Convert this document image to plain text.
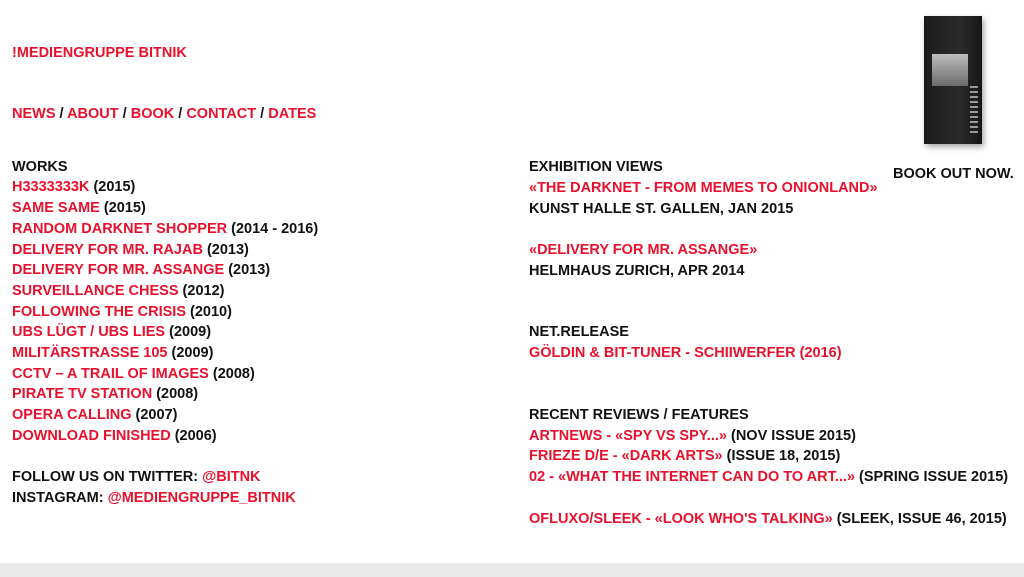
!MEDIENGRUPPE BITNIK
NEWS / ABOUT / BOOK / CONTACT / DATES
WORKS
H3333333K (2015)
SAME SAME (2015)
RANDOM DARKNET SHOPPER (2014 - 2016)
DELIVERY FOR MR. RAJAB (2013)
DELIVERY FOR MR. ASSANGE (2013)
SURVEILLANCE CHESS (2012)
FOLLOWING THE CRISIS (2010)
UBS LÜGT / UBS LIES (2009)
MILITÄRSTRASSE 105 (2009)
CCTV – A TRAIL OF IMAGES (2008)
PIRATE TV STATION (2008)
OPERA CALLING (2007)
DOWNLOAD FINISHED (2006)
FOLLOW US ON TWITTER: @BITNK
INSTAGRAM: @MEDIENGRUPPE_BITNIK
EXHIBITION VIEWS
«THE DARKNET - FROM MEMES TO ONIONLAND»
KUNST HALLE ST. GALLEN, JAN 2015
«DELIVERY FOR MR. ASSANGE»
HELMHAUS ZURICH, APR 2014
NET.RELEASE
GÖLDIN & BIT-TUNER - SCHIIWERFER (2016)
RECENT REVIEWS / FEATURES
ARTNEWS - «SPY VS SPY...» (NOV ISSUE 2015)
FRIEZE D/E - «DARK ARTS» (ISSUE 18, 2015)
02 - «WHAT THE INTERNET CAN DO TO ART...» (SPRING ISSUE 2015)
OFLUXO/SLEEK - «LOOK WHO'S TALKING» (SLEEK, ISSUE 46, 2015)
BOOK OUT NOW.
